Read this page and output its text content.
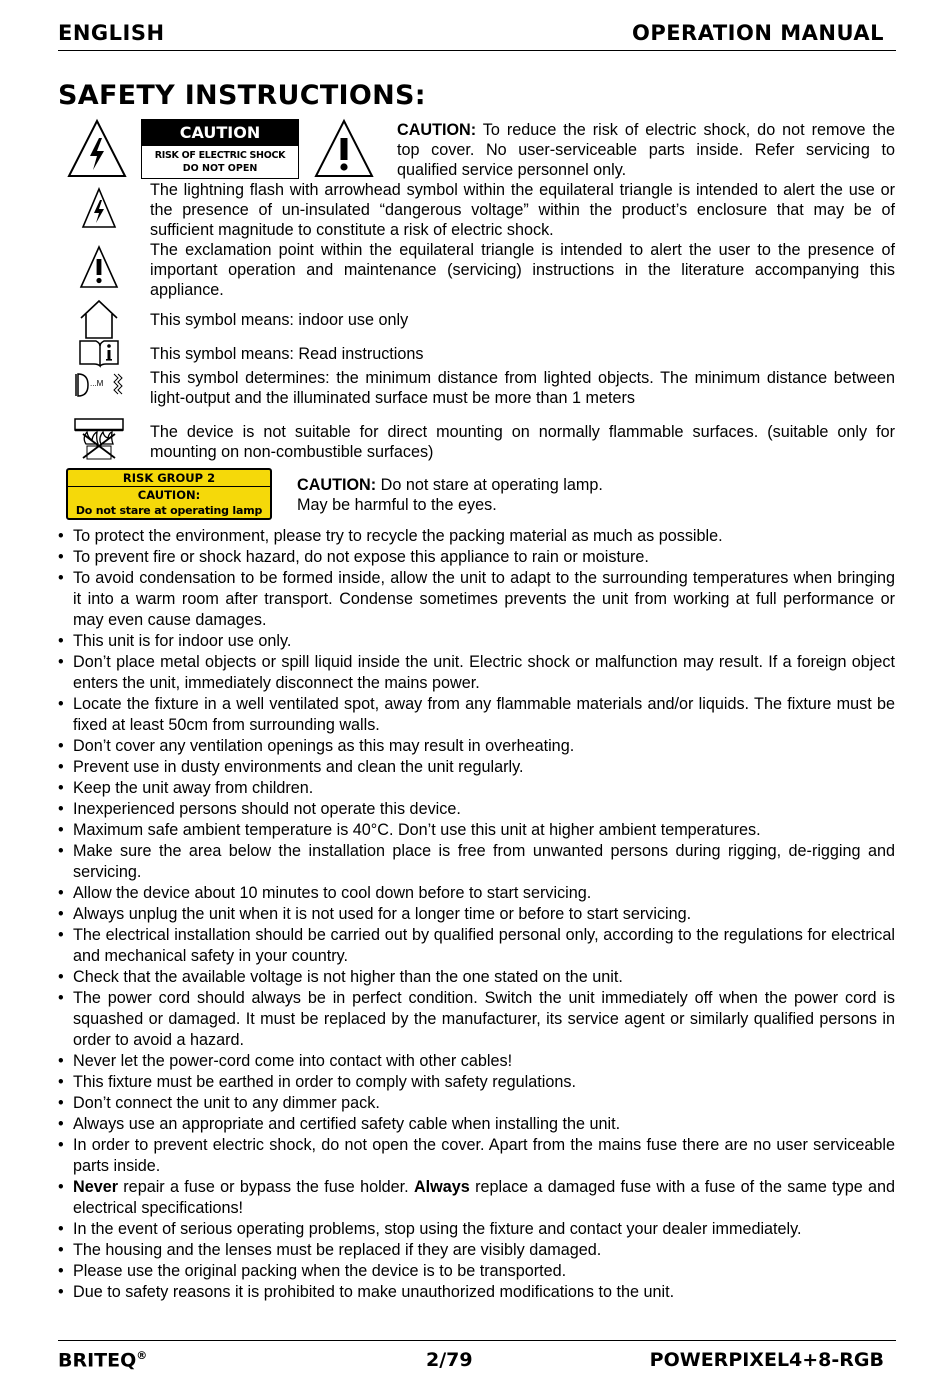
ENGLISH	OPERATION MANUAL
SAFETY INSTRUCTIONS:
CAUTION
RISK OF ELECTRIC SHOCK
DO NOT OPEN
CAUTION: To reduce the risk of electric shock, do not remove the top cover. No user-serviceable parts inside. Refer servicing to qualified service personnel only.
The lightning flash with arrowhead symbol within the equilateral triangle is intended to alert the use or the presence of un-insulated “dangerous voltage” within the product’s enclosure that may be of sufficient magnitude to constitute a risk of electric shock.
The exclamation point within the equilateral triangle is intended to alert the user to the presence of important operation and maintenance (servicing) instructions in the literature accompanying this appliance.
This symbol means: indoor use only
This symbol means: Read instructions
...M	This symbol determines: the minimum distance from lighted objects. The minimum distance between light-output and the illuminated surface must be more than 1 meters
The device is not suitable for direct mounting on normally flammable surfaces. (suitable only for mounting on non-combustible surfaces)
RISK GROUP 2
CAUTION:
Do not stare at operating lamp
CAUTION: Do not stare at operating lamp.
May be harmful to the eyes.
• To protect the environment, please try to recycle the packing material as much as possible.
• To prevent fire or shock hazard, do not expose this appliance to rain or moisture.
• To avoid condensation to be formed inside, allow the unit to adapt to the surrounding temperatures when bringing it into a warm room after transport. Condense sometimes prevents the unit from working at full performance or may even cause damages.
• This unit is for indoor use only.
• Don’t place metal objects or spill liquid inside the unit. Electric shock or malfunction may result. If a foreign object enters the unit, immediately disconnect the mains power.
• Locate the fixture in a well ventilated spot, away from any flammable materials and/or liquids. The fixture must be fixed at least 50cm from surrounding walls.
• Don’t cover any ventilation openings as this may result in overheating.
• Prevent use in dusty environments and clean the unit regularly.
• Keep the unit away from children.
• Inexperienced persons should not operate this device.
• Maximum safe ambient temperature is 40°C. Don’t use this unit at higher ambient temperatures.
• Make sure the area below the installation place is free from unwanted persons during rigging, de-rigging and servicing.
• Allow the device about 10 minutes to cool down before to start servicing.
• Always unplug the unit when it is not used for a longer time or before to start servicing.
• The electrical installation should be carried out by qualified personal only, according to the regulations for electrical and mechanical safety in your country.
• Check that the available voltage is not higher than the one stated on the unit.
• The power cord should always be in perfect condition. Switch the unit immediately off when the power cord is squashed or damaged. It must be replaced by the manufacturer, its service agent or similarly qualified persons in order to avoid a hazard.
• Never let the power-cord come into contact with other cables!
• This fixture must be earthed in order to comply with safety regulations.
• Don’t connect the unit to any dimmer pack.
• Always use an appropriate and certified safety cable when installing the unit.
• In order to prevent electric shock, do not open the cover. Apart from the mains fuse there are no user serviceable parts inside.
• Never repair a fuse or bypass the fuse holder. Always replace a damaged fuse with a fuse of the same type and electrical specifications!
• In the event of serious operating problems, stop using the fixture and contact your dealer immediately.
• The housing and the lenses must be replaced if they are visibly damaged.
• Please use the original packing when the device is to be transported.
• Due to safety reasons it is prohibited to make unauthorized modifications to the unit.
BRITEQ®	2/79	POWERPIXEL4+8-RGB
